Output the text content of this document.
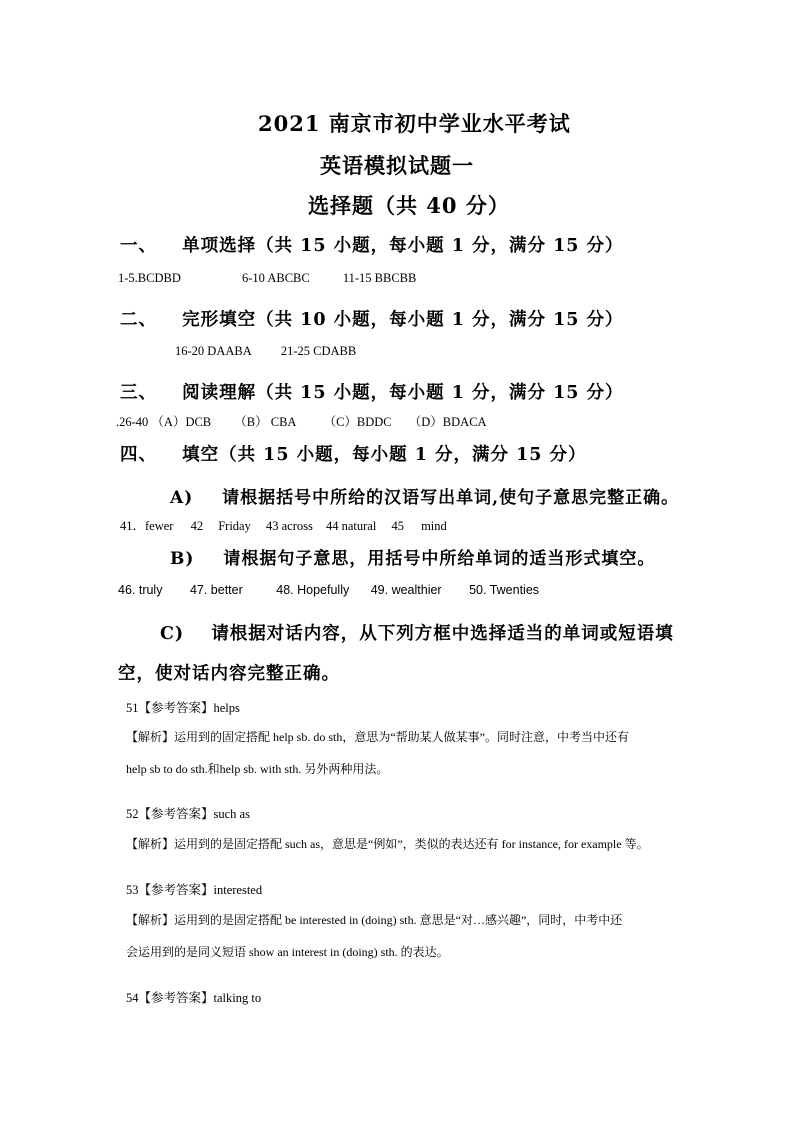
2021 南京市初中学业水平考试
英语模拟试题一
选择题（共 40 分）
一、 单项选择（共 15 小题，每小题 1 分，满分 15 分）
1-5.BCDBD	6-10 ABCBC	11-15 BBCBB
二、 完形填空（共 10 小题，每小题 1 分，满分 15 分）
16-20 DAABA 21-25 CDABB
三、 阅读理解（共 15 小题，每小题 1 分，满分 15 分）
.26-40 （A）DCB （B） CBA （C）BDDC （D）BDACA
四、 填空（共 15 小题，每小题 1 分，满分 15 分）
A) 请根据括号中所给的汉语写出单词,使句子意思完整正确。
41．fewer 42 Friday 43 across 44 natural 45 mind
B) 请根据句子意思，用括号中所给单词的适当形式填空。
46. truly 47. better	48. Hopefully 49. wealthier 50. Twenties
C) 请根据对话内容，从下列方框中选择适当的单词或短语填
空，使对话内容完整正确。
51【参考答案】helps
【解析】运用到的固定搭配 help sb. do sth，意思为“帮助某人做某事”。同时注意，中考当中还有
help sb to do sth.和help sb. with sth. 另外两种用法。
52【参考答案】such as
【解析】运用到的是固定搭配 such as，意思是“例如”，类似的表达还有 for instance, for example 等。
53【参考答案】interested
【解析】运用到的是固定搭配 be interested in (doing) sth. 意思是“对…感兴趣”，同时，中考中还
会运用到的是同义短语 show an interest in (doing) sth. 的表达。
54【参考答案】talking to
